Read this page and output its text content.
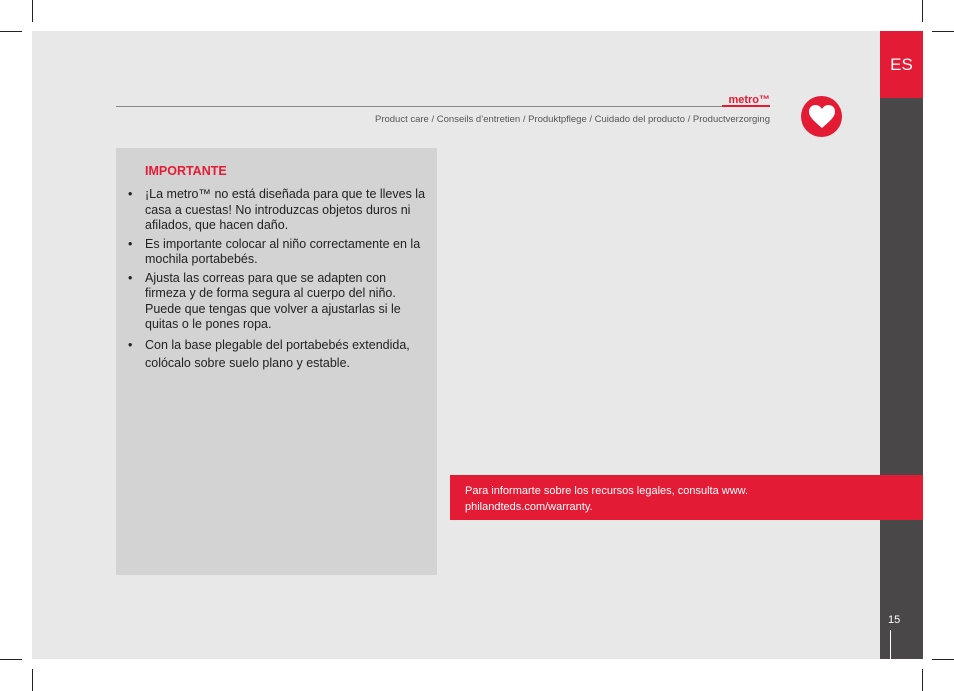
ES
15
metro™
Product care / Conseils d’entretien / Produktpflege / Cuidado del producto / Productverzorging
IMPORTANTE
• ¡La metro™ no está diseñada para que te lleves la casa a cuestas! No introduzcas objetos duros ni afilados, que hacen daño.
• Es importante colocar al niño correctamente en la mochila portabebés.
• Ajusta las correas para que se adapten con firmeza y de forma segura al cuerpo del niño. Puede que tengas que volver a ajustarlas si le quitas o le pones ropa.
• Con la base plegable del portabebés extendida, colócalo sobre suelo plano y estable.
Para informarte sobre los recursos legales, consulta www. philandteds.com/warranty.
